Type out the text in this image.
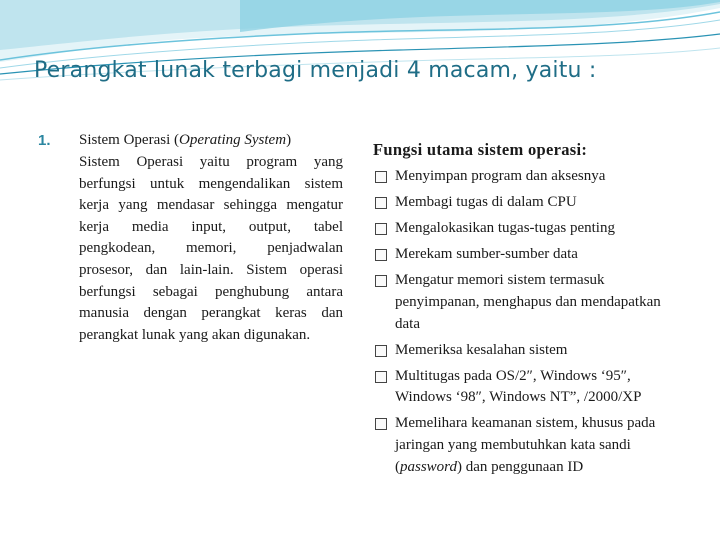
Perangkat lunak terbagi menjadi 4 macam, yaitu :
1. Sistem Operasi (Operating System)

Sistem Operasi yaitu program yang berfungsi untuk mengendalikan sistem kerja yang mendasar sehingga mengatur kerja media input, output, tabel pengkodean, memori, penjadwalan prosesor, dan lain-lain. Sistem operasi berfungsi sebagai penghubung antara manusia dengan perangkat keras dan perangkat lunak yang akan digunakan.

Fungsi utama sistem operasi:

Menyimpan program dan aksesnya
Membagi tugas di dalam CPU
Mengalokasikan tugas-tugas penting
Merekam sumber-sumber data
Mengatur memori sistem termasuk penyimpanan, menghapus dan mendapatkan data
Memeriksa kesalahan sistem
Multitugas pada OS/2″, Windows ‘95″, Windows ‘98″, Windows NT”, /2000/XP
Memelihara keamanan sistem, khusus pada jaringan yang membutuhkan kata sandi (password) dan penggunaan ID
